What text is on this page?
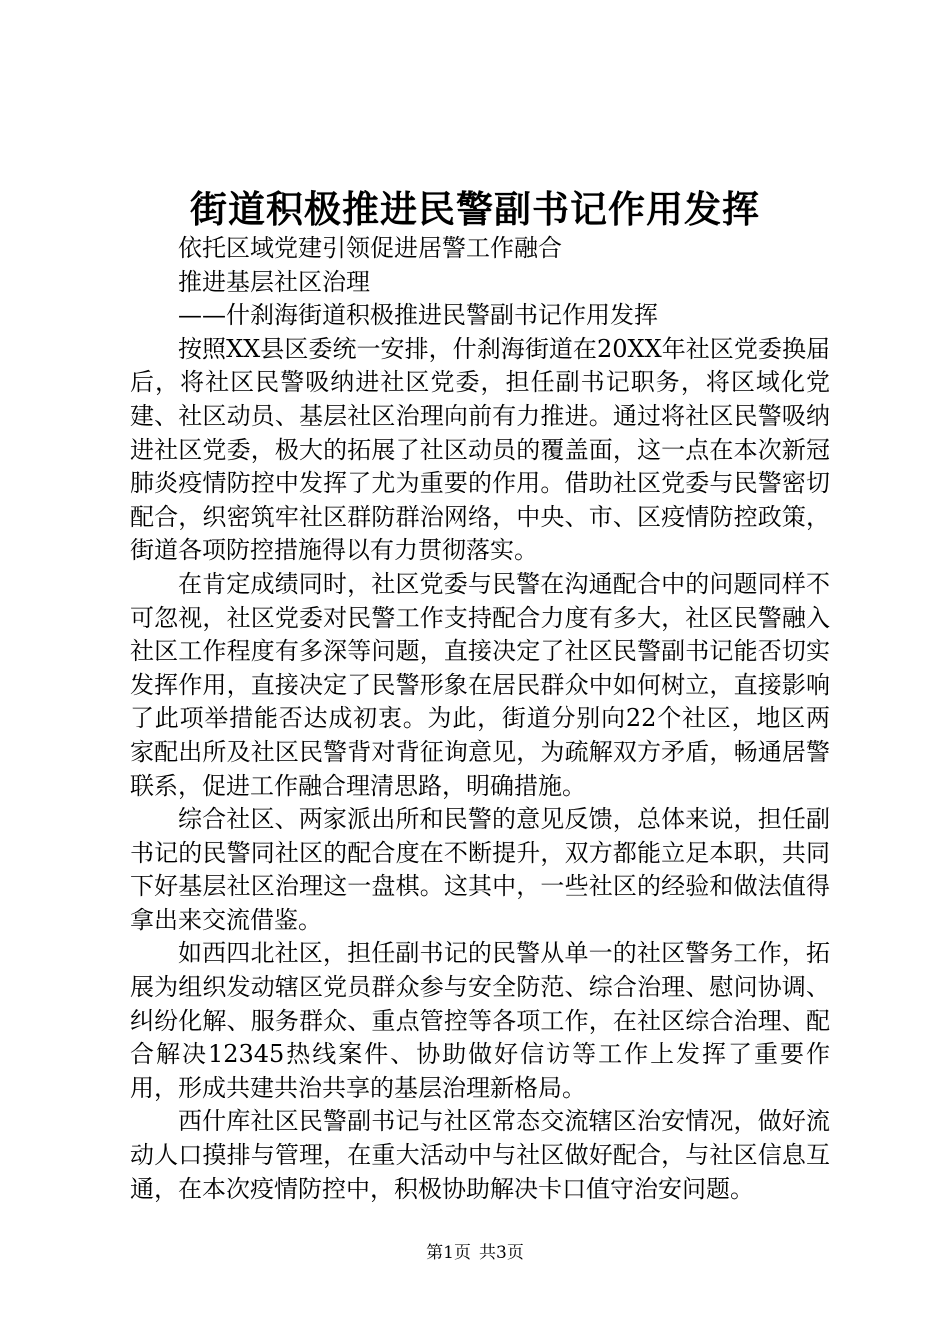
街道积极推进民警副书记作用发挥

依托区域党建引领促进居警工作融合

推进基层社区治理

——什刹海街道积极推进民警副书记作用发挥

按照XX县区委统一安排，什刹海街道在20XX年社区党委换届后，将社区民警吸纳进社区党委，担任副书记职务，将区域化党建、社区动员、基层社区治理向前有力推进。通过将社区民警吸纳进社区党委，极大的拓展了社区动员的覆盖面，这一点在本次新冠肺炎疫情防控中发挥了尤为重要的作用。借助社区党委与民警密切配合，织密筑牢社区群防群治网络，中央、市、区疫情防控政策，街道各项防控措施得以有力贯彻落实。

在肯定成绩同时，社区党委与民警在沟通配合中的问题同样不可忽视，社区党委对民警工作支持配合力度有多大，社区民警融入社区工作程度有多深等问题，直接决定了社区民警副书记能否切实发挥作用，直接决定了民警形象在居民群众中如何树立，直接影响了此项举措能否达成初衷。为此，街道分别向22个社区，地区两家配出所及社区民警背对背征询意见，为疏解双方矛盾，畅通居警联系，促进工作融合理清思路，明确措施。

综合社区、两家派出所和民警的意见反馈，总体来说，担任副书记的民警同社区的配合度在不断提升，双方都能立足本职，共同下好基层社区治理这一盘棋。这其中，一些社区的经验和做法值得拿出来交流借鉴。

如西四北社区，担任副书记的民警从单一的社区警务工作，拓展为组织发动辖区党员群众参与安全防范、综合治理、慰问协调、纠纷化解、服务群众、重点管控等各项工作，在社区综合治理、配合解决12345热线案件、协助做好信访等工作上发挥了重要作用，形成共建共治共享的基层治理新格局。

西什库社区民警副书记与社区常态交流辖区治安情况，做好流动人口摸排与管理，在重大活动中与社区做好配合，与社区信息互通，在本次疫情防控中，积极协助解决卡口值守治安问题。

第1页 共3页
